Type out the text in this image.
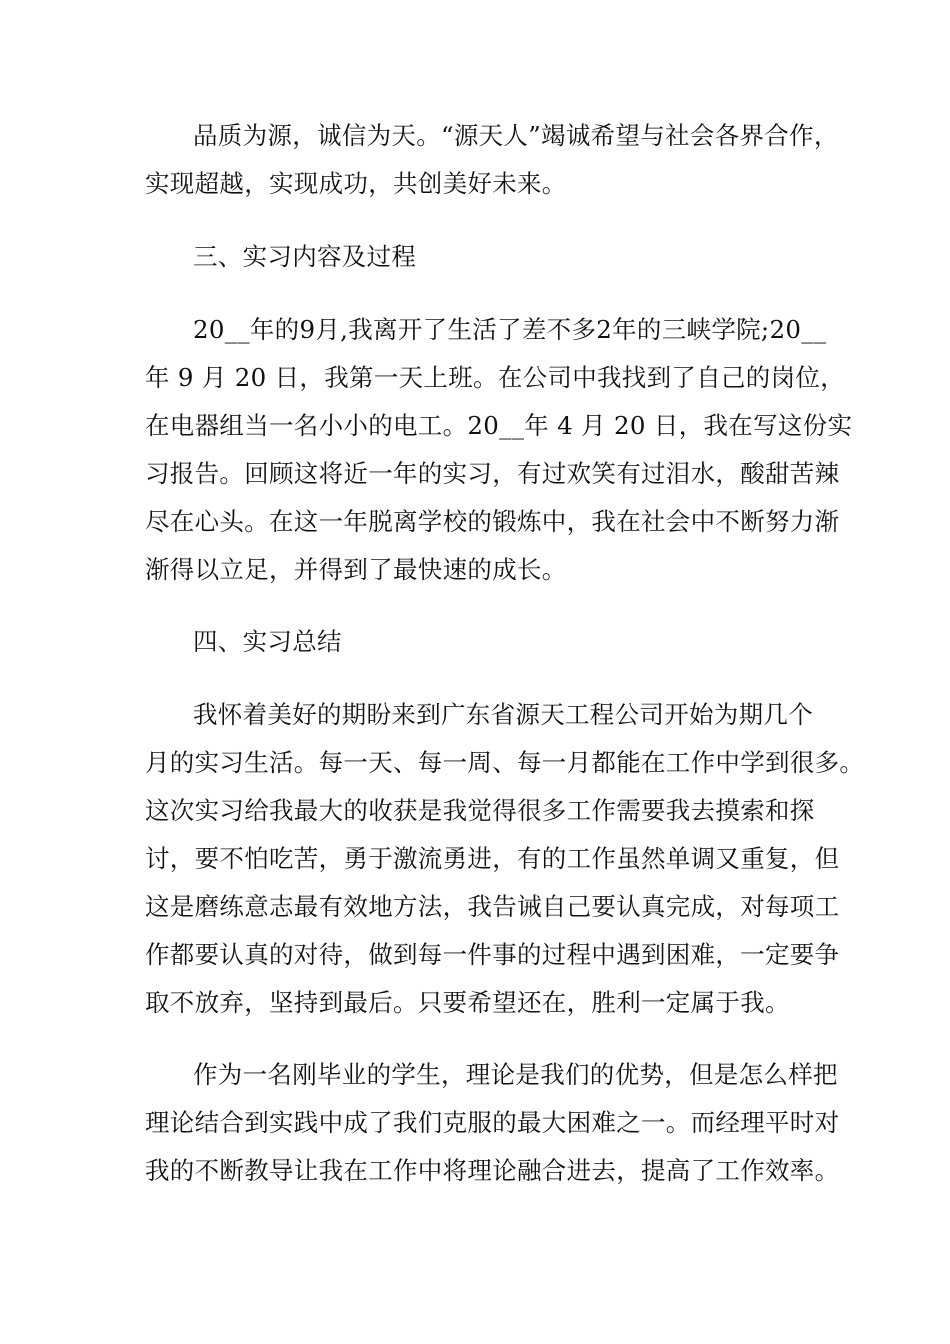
品质为源，诚信为天。“源天人”竭诚希望与社会各界合作，
实现超越，实现成功，共创美好未来。
三、实习内容及过程
20__年的9月,我离开了生活了差不多2年的三峡学院;20__
年 9 月 20 日，我第一天上班。在公司中我找到了自己的岗位，
在电器组当一名小小的电工。20__年 4 月 20 日，我在写这份实
习报告。回顾这将近一年的实习，有过欢笑有过泪水，酸甜苦辣
尽在心头。在这一年脱离学校的锻炼中，我在社会中不断努力渐
渐得以立足，并得到了最快速的成长。
四、实习总结
我怀着美好的期盼来到广东省源天工程公司开始为期几个
月的实习生活。每一天、每一周、每一月都能在工作中学到很多。
这次实习给我最大的收获是我觉得很多工作需要我去摸索和探
讨，要不怕吃苦，勇于激流勇进，有的工作虽然单调又重复，但
这是磨练意志最有效地方法，我告诫自己要认真完成，对每项工
作都要认真的对待，做到每一件事的过程中遇到困难，一定要争
取不放弃，坚持到最后。只要希望还在，胜利一定属于我。
作为一名刚毕业的学生，理论是我们的优势，但是怎么样把
理论结合到实践中成了我们克服的最大困难之一。而经理平时对
我的不断教导让我在工作中将理论融合进去，提高了工作效率。
